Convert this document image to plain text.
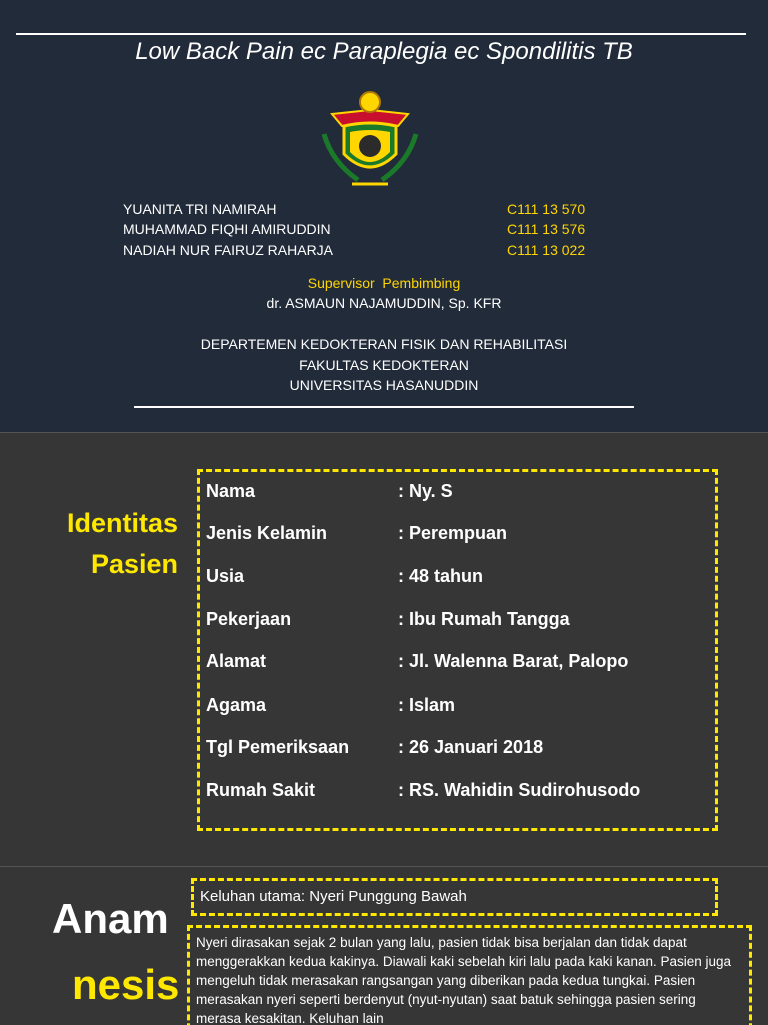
Low Back Pain ec Paraplegia ec Spondilitis TB
YUANITA TRI NAMIRAH	C111 13 570
MUHAMMAD FIQHI AMIRUDDIN	C111 13 576
NADIAH NUR FAIRUZ RAHARJA	C111 13 022
Supervisor  Pembimbing
dr. ASMAUN NAJAMUDDIN, Sp. KFR
DEPARTEMEN KEDOKTERAN FISIK DAN REHABILITASI
FAKULTAS KEDOKTERAN
UNIVERSITAS HASANUDDIN
Identitas
Pasien
Nama	: Ny. S
Jenis Kelamin	: Perempuan
Usia	: 48 tahun
Pekerjaan	: Ibu Rumah Tangga
Alamat	: Jl. Walenna Barat, Palopo
Agama	: Islam
Tgl Pemeriksaan	: 26 Januari 2018
Rumah Sakit	: RS. Wahidin Sudirohusodo
Anam
nesis
Keluhan utama: Nyeri Punggung Bawah
Nyeri dirasakan sejak 2 bulan yang lalu, pasien tidak bisa berjalan dan tidak dapat menggerakkan kedua kakinya. Diawali kaki sebelah kiri lalu pada kaki kanan. Pasien juga mengeluh tidak merasakan rangsangan yang diberikan pada kedua tungkai. Pasien merasakan nyeri seperti berdenyut (nyut-nyutan) saat batuk sehingga pasien sering merasa kesakitan. Keluhan lain
